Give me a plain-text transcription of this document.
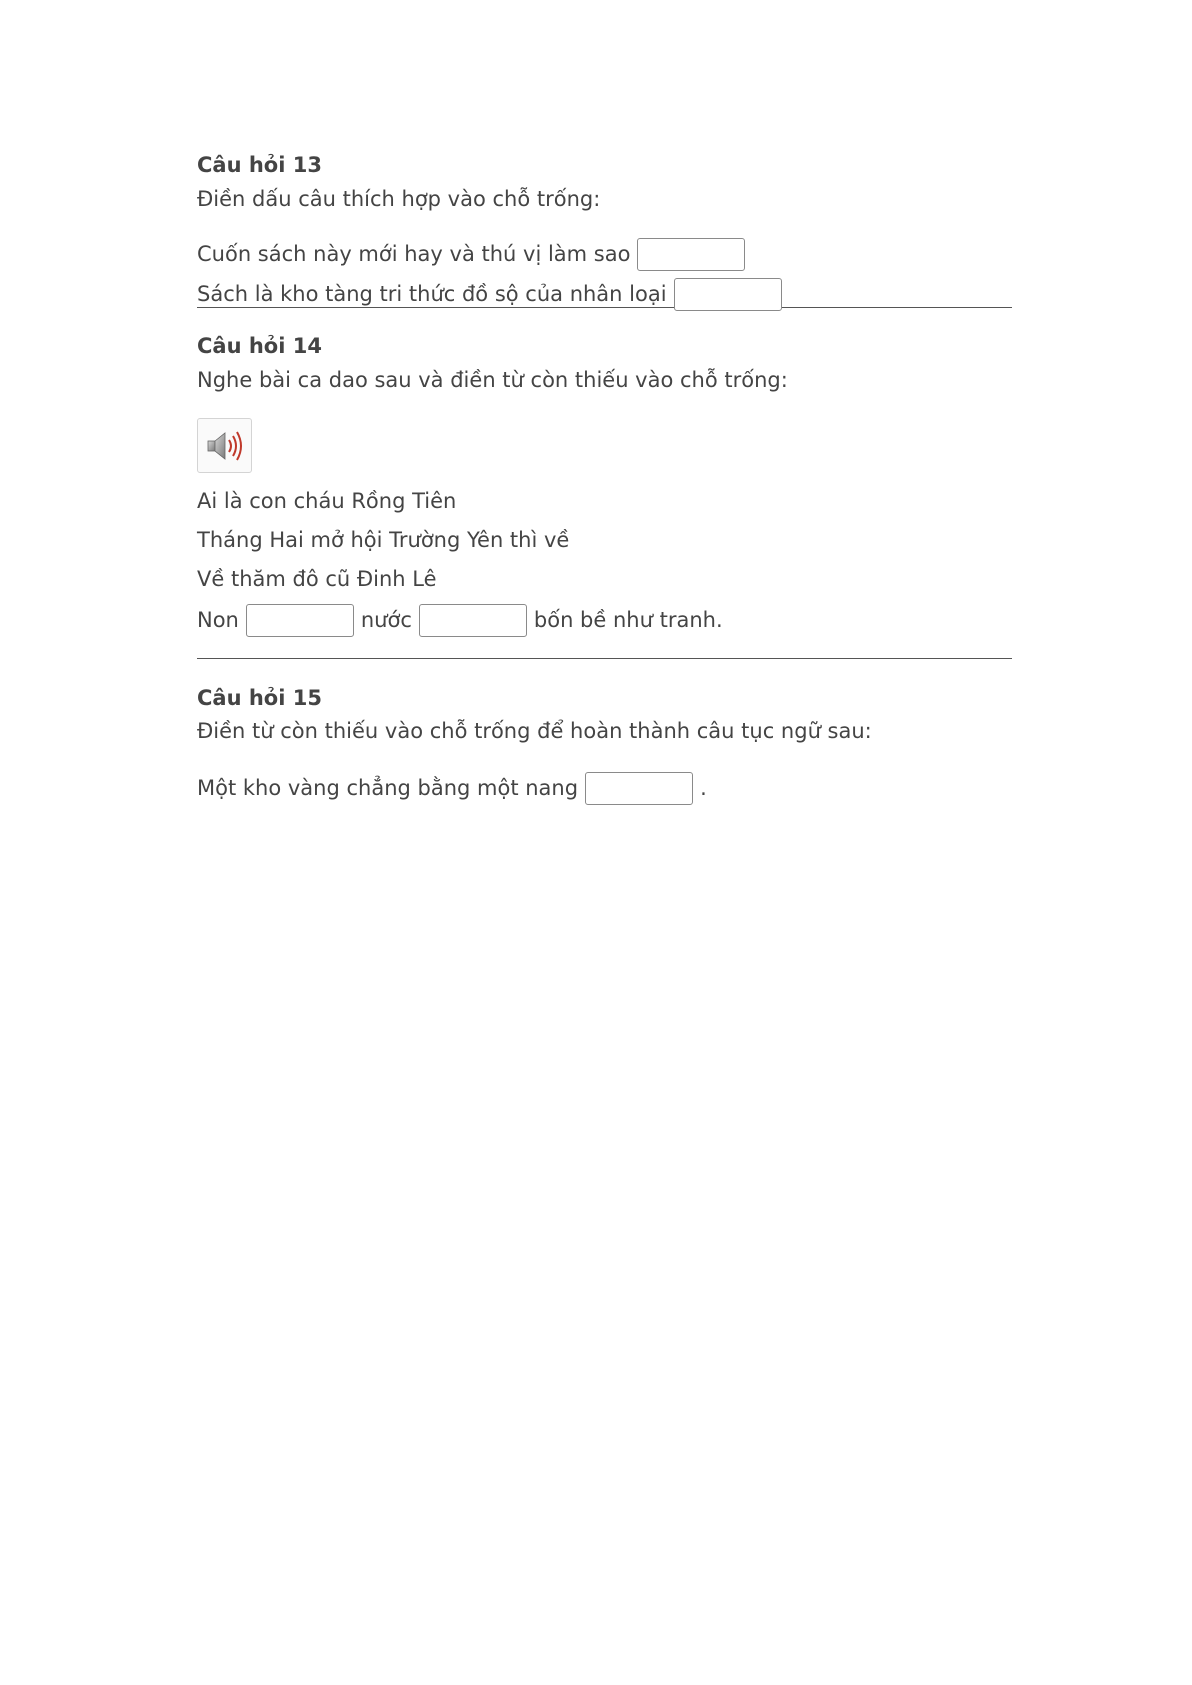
Câu hỏi 13
Điền dấu câu thích hợp vào chỗ trống:
Cuốn sách này mới hay và thú vị làm sao
Sách là kho tàng tri thức đồ sộ của nhân loại
Câu hỏi 14
Nghe bài ca dao sau và điền từ còn thiếu vào chỗ trống:
Ai là con cháu Rồng Tiên
Tháng Hai mở hội Trường Yên thì về
Về thăm đô cũ Đinh Lê
Non	nước	bốn bề như tranh.
Câu hỏi 15
Điền từ còn thiếu vào chỗ trống để hoàn thành câu tục ngữ sau:
Một kho vàng chẳng bằng một nang	.
